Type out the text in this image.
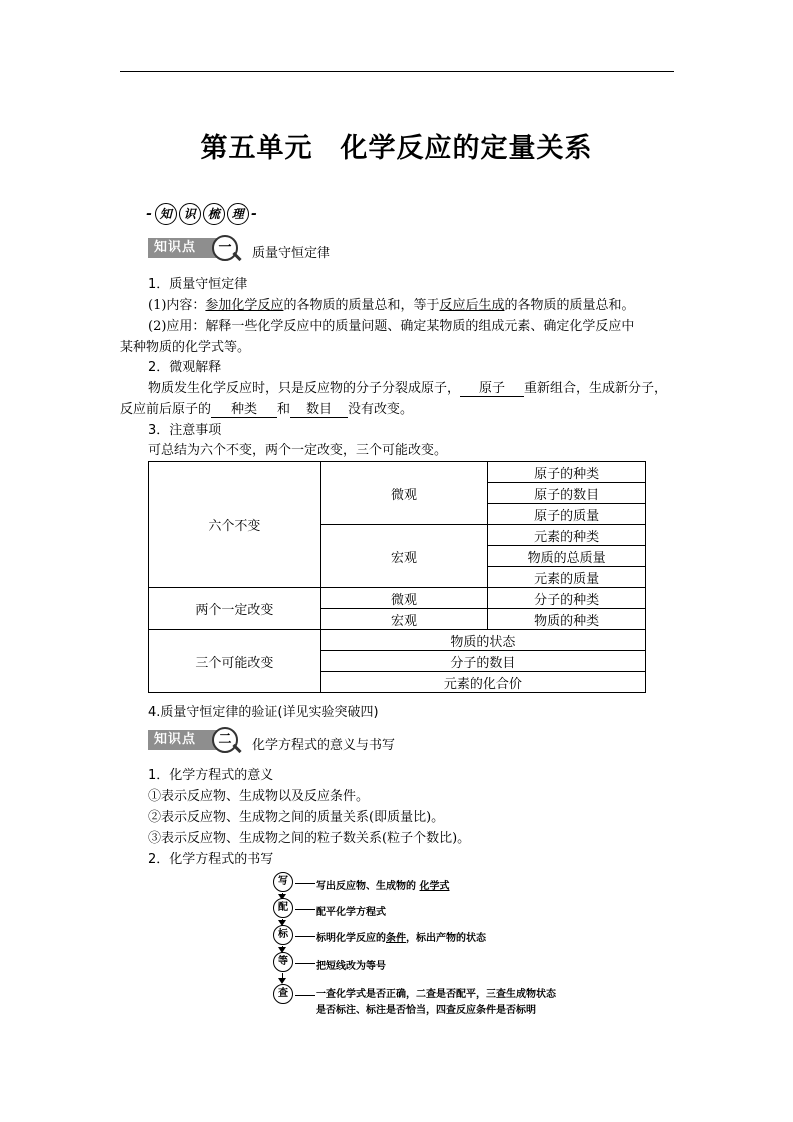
第五单元　化学反应的定量关系
- 知 识 梳 理 -
知识点	一	质量守恒定律
1．质量守恒定律
(1)内容：参加化学反应的各物质的质量总和，等于反应后生成的各物质的质量总和。
(2)应用：解释一些化学反应中的质量问题、确定某物质的组成元素、确定化学反应中
某种物质的化学式等。
2．微观解释
物质发生化学反应时，只是反应物的分子分裂成原子， 原子 重新组合，生成新分子，
反应前后原子的 种类 和 数目 没有改变。
3．注意事项
可总结为六个不变，两个一定改变，三个可能改变。
六个不变	微观	原子的种类
		原子的数目
		原子的质量
	宏观	元素的种类
		物质的总质量
		元素的质量
两个一定改变	微观	分子的种类
	宏观	物质的种类
三个可能改变	物质的状态	
	分子的数目	
	元素的化合价	
4.质量守恒定律的验证(详见实验突破四)
知识点	二	化学方程式的意义与书写
1．化学方程式的意义
①表示反应物、生成物以及反应条件。
②表示反应物、生成物之间的质量关系(即质量比)。
③表示反应物、生成物之间的粒子数关系(粒子个数比)。
2．化学方程式的书写
写	写出反应物、生成物的 化学式
配	配平化学方程式
标	标明化学反应的条件，标出产物的状态
等	把短线改为等号
查	一查化学式是否正确，二查是否配平，三查生成物状态
是否标注、标注是否恰当，四查反应条件是否标明
